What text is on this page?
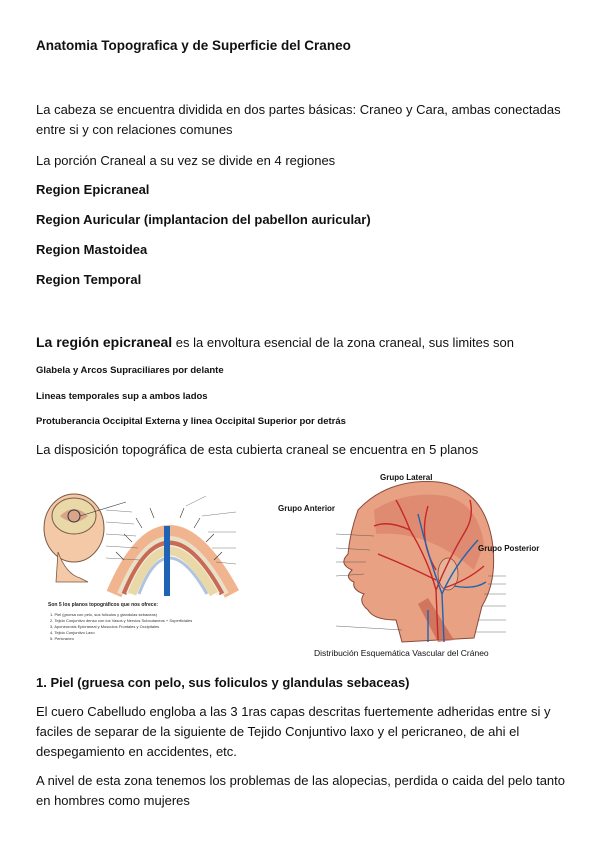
Anatomia Topografica y de Superficie del Craneo

La cabeza se encuentra dividida en dos partes básicas: Craneo y Cara, ambas conectadas entre si y con relaciones comunes

La porción Craneal a su vez se divide en 4 regiones

Region Epicraneal

Region Auricular (implantacion del pabellon auricular)

Region Mastoidea

Region Temporal

La región epicraneal es la envoltura esencial de la zona craneal, sus limites son

Glabela y Arcos Supraciliares por delante

Lineas temporales sup a ambos lados

Protuberancia Occipital Externa y linea Occipital Superior por detrás

La disposición topográfica de esta cubierta craneal se encuentra en 5 planos

Son 5 los planos topográficos que nos ofrece:
1. Piel (gruesa con pelo, sus foliculos y glandulas sebaceas)
2. Tejido Conjuntivo denso con los Vasos y Nervios Subcutaneos + Superficiales
3. Aponeurosis Epicraneal y Musculos Frontales y Occipitales
4. Tejido Conjuntivo Laxo
5. Pericraneo
Grupo Lateral
Grupo Anterior
Grupo Posterior
Distribución Esquemática Vascular del Cráneo

1. Piel (gruesa con pelo, sus foliculos y glandulas sebaceas)

El cuero Cabelludo engloba a las 3 1ras capas descritas fuertemente adheridas entre si y faciles de separar de la siguiente de Tejido Conjuntivo laxo y el pericraneo, de ahi el despegamiento en accidentes, etc.

A nivel de esta zona tenemos los problemas de las alopecias, perdida o caida del pelo tanto en hombres como mujeres
